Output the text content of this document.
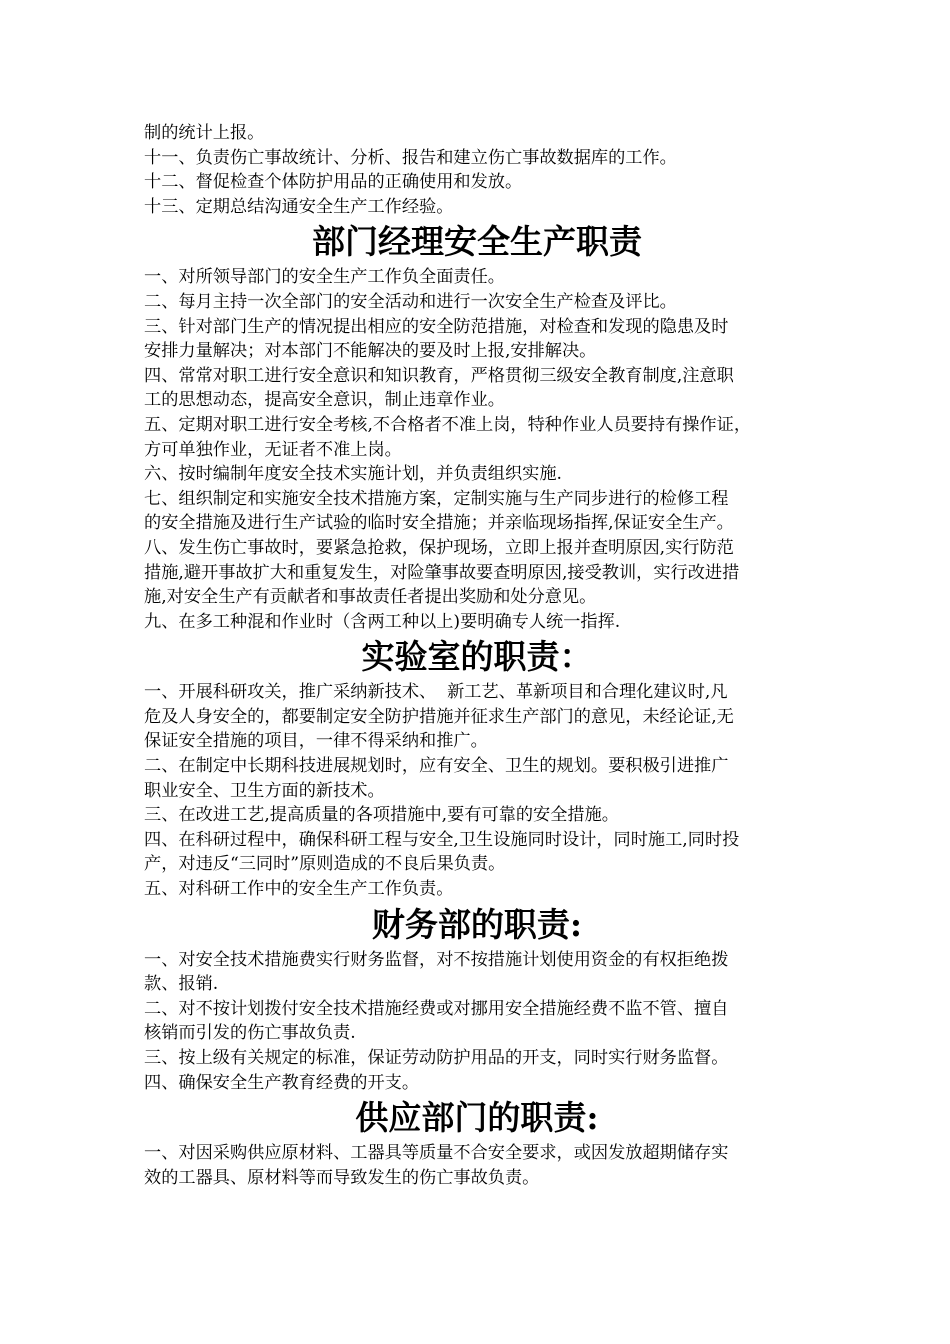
制的统计上报。

十一、负责伤亡事故统计、分析、报告和建立伤亡事故数据库的工作。

十二、督促检查个体防护用品的正确使用和发放。

十三、定期总结沟通安全生产工作经验。

部门经理安全生产职责

一、对所领导部门的安全生产工作负全面责任。

二、每月主持一次全部门的安全活动和进行一次安全生产检查及评比。

三、针对部门生产的情况提出相应的安全防范措施，对检查和发现的隐患及时

安排力量解决；对本部门不能解决的要及时上报,安排解决。

四、常常对职工进行安全意识和知识教育，严格贯彻三级安全教育制度,注意职

工的思想动态，提高安全意识，制止违章作业。

五、定期对职工进行安全考核,不合格者不准上岗，特种作业人员要持有操作证，

方可单独作业，无证者不准上岗。

六、按时编制年度安全技术实施计划，并负责组织实施.

七、组织制定和实施安全技术措施方案，定制实施与生产同步进行的检修工程

的安全措施及进行生产试验的临时安全措施；并亲临现场指挥,保证安全生产。

八、发生伤亡事故时，要紧急抢救，保护现场，立即上报并查明原因,实行防范

措施,避开事故扩大和重复发生，对险肇事故要查明原因,接受教训，实行改进措

施,对安全生产有贡献者和事故责任者提出奖励和处分意见。

九、在多工种混和作业时（含两工种以上)要明确专人统一指挥.

实验室的职责：

一、开展科研攻关，推广采纳新技术、  新工艺、革新项目和合理化建议时,凡

危及人身安全的，都要制定安全防护措施并征求生产部门的意见，未经论证,无

保证安全措施的项目，一律不得采纳和推广。

二、在制定中长期科技进展规划时，应有安全、卫生的规划。要积极引进推广

职业安全、卫生方面的新技术。

三、在改进工艺,提高质量的各项措施中,要有可靠的安全措施。

四、在科研过程中，确保科研工程与安全,卫生设施同时设计，同时施工,同时投

产，对违反“三同时”原则造成的不良后果负责。

五、对科研工作中的安全生产工作负责。

财务部的职责:

一、对安全技术措施费实行财务监督，对不按措施计划使用资金的有权拒绝拨

款、报销.

二、对不按计划拨付安全技术措施经费或对挪用安全措施经费不监不管、擅自

核销而引发的伤亡事故负责.

三、按上级有关规定的标准，保证劳动防护用品的开支，同时实行财务监督。

四、确保安全生产教育经费的开支。

供应部门的职责:

一、对因采购供应原材料、工器具等质量不合安全要求，或因发放超期储存实

效的工器具、原材料等而导致发生的伤亡事故负责。
